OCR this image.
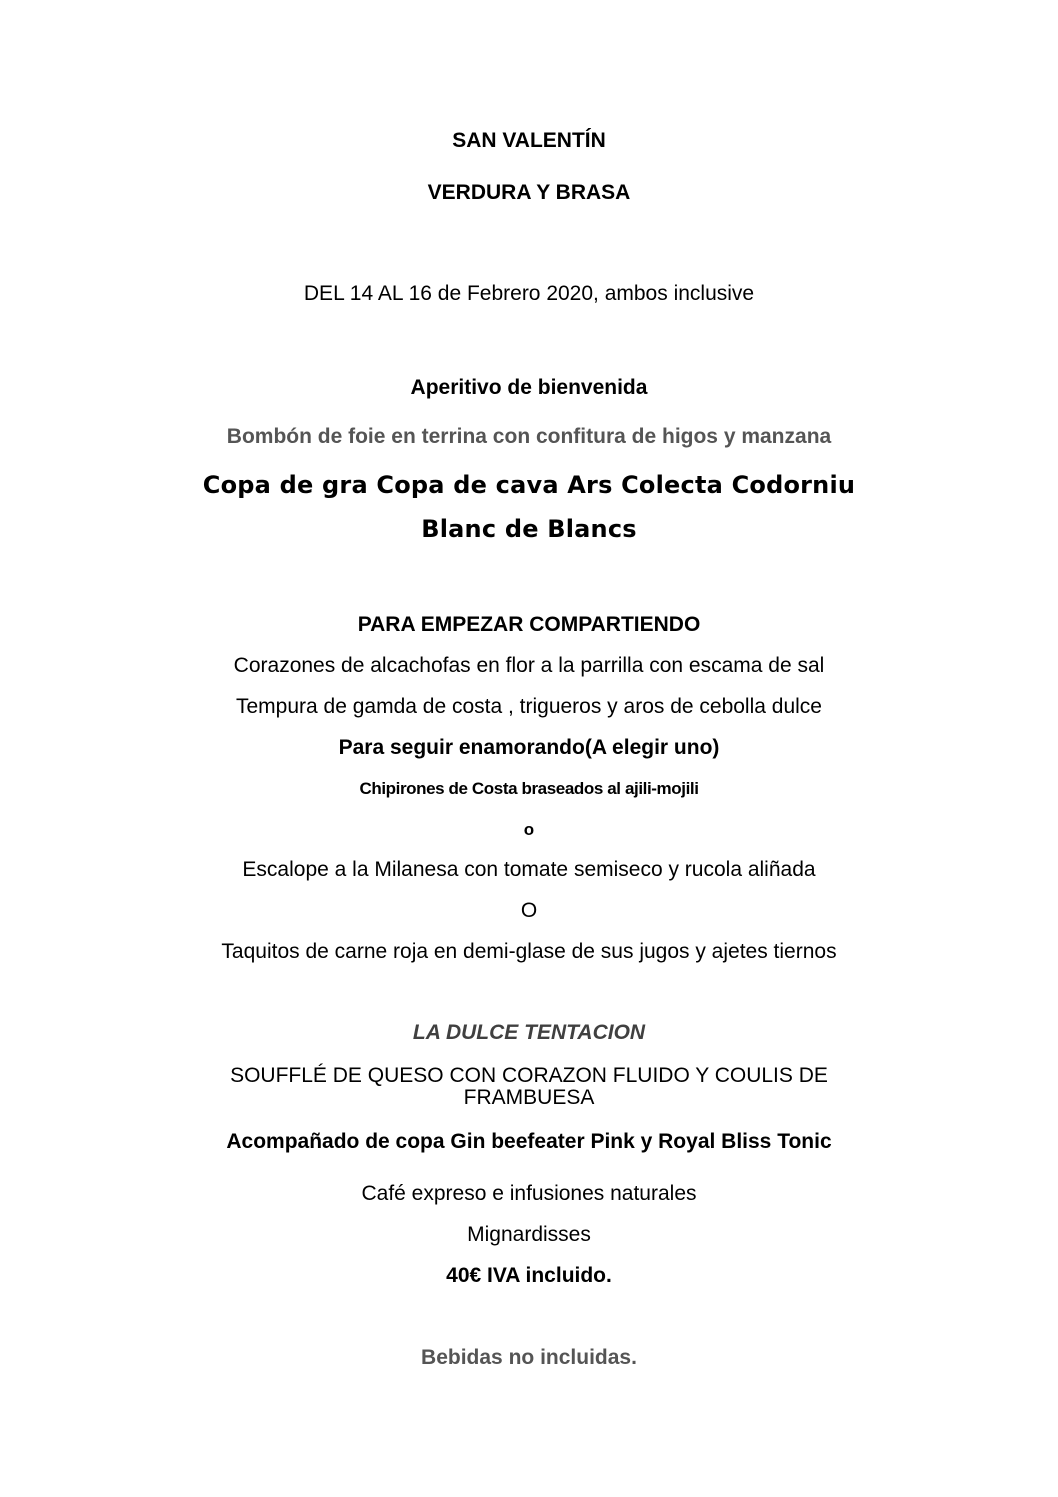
SAN VALENTÍN
VERDURA Y BRASA
DEL 14 AL 16 de Febrero 2020, ambos inclusive
Aperitivo de bienvenida
Bombón de foie en terrina con confitura de higos y manzana
Copa de gra Copa de cava Ars Colecta Codorniu
Blanc de Blancs
PARA EMPEZAR COMPARTIENDO
Corazones de alcachofas en flor a la parrilla con escama de sal
Tempura de gamda de costa , trigueros y aros de cebolla dulce
Para seguir enamorando(A elegir uno)
Chipirones de Costa braseados al ajili-mojili
o
Escalope a la Milanesa con tomate semiseco y rucola aliñada
O
Taquitos de carne roja en demi-glase de sus jugos y ajetes tiernos
LA DULCE TENTACION
SOUFFLÉ DE QUESO CON CORAZON FLUIDO Y COULIS DE
FRAMBUESA
Acompañado de copa Gin beefeater Pink y Royal Bliss Tonic
Café expreso e infusiones naturales
Mignardisses
40€ IVA incluido.
Bebidas no incluidas.
